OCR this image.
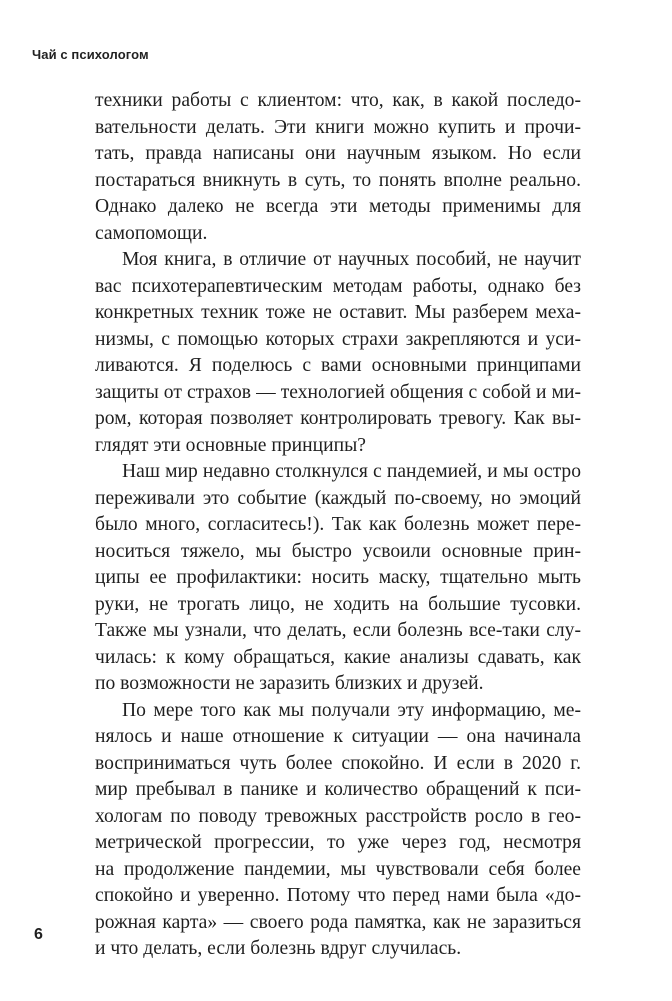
Чай с психологом
техники работы с клиентом: что, как, в какой последо-
вательности делать. Эти книги можно купить и прочи-
тать, правда написаны они научным языком. Но если
постараться вникнуть в суть, то понять вполне реально.
Однако далеко не всегда эти методы применимы для
самопомощи.
Моя книга, в отличие от научных пособий, не научит
вас психотерапевтическим методам работы, однако без
конкретных техник тоже не оставит. Мы разберем меха-
низмы, с помощью которых страхи закрепляются и уси-
ливаются. Я поделюсь с вами основными принципами
защиты от страхов — технологией общения с собой и ми-
ром, которая позволяет контролировать тревогу. Как вы-
глядят эти основные принципы?
Наш мир недавно столкнулся с пандемией, и мы остро
переживали это событие (каждый по-своему, но эмоций
было много, согласитесь!). Так как болезнь может пере-
носиться тяжело, мы быстро усвоили основные прин-
ципы ее профилактики: носить маску, тщательно мыть
руки, не трогать лицо, не ходить на большие тусовки.
Также мы узнали, что делать, если болезнь все-таки слу-
чилась: к кому обращаться, какие анализы сдавать, как
по возможности не заразить близких и друзей.
По мере того как мы получали эту информацию, ме-
нялось и наше отношение к ситуации — она начинала
восприниматься чуть более спокойно. И если в 2020 г.
мир пребывал в панике и количество обращений к пси-
хологам по поводу тревожных расстройств росло в гео-
метрической прогрессии, то уже через год, несмотря
на продолжение пандемии, мы чувствовали себя более
спокойно и уверенно. Потому что перед нами была «до-
рожная карта» — своего рода памятка, как не заразиться
и что делать, если болезнь вдруг случилась.
6
